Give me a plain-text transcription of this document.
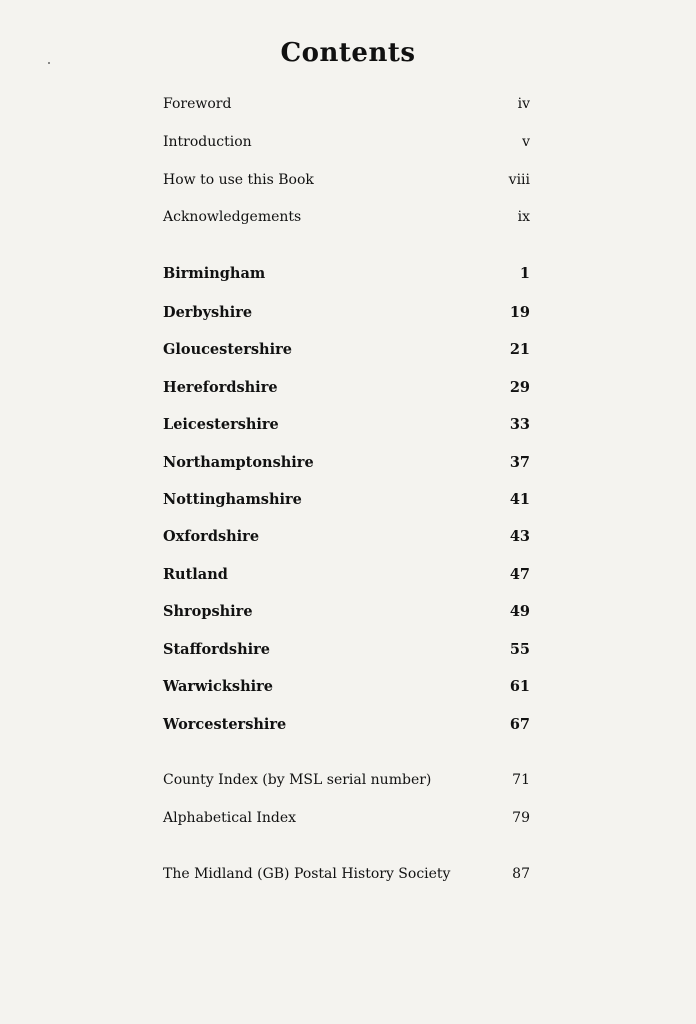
Contents
Foreword	iv
Introduction	v
How to use this Book	viii
Acknowledgements	ix
Birmingham	1
Derbyshire	19
Gloucestershire	21
Herefordshire	29
Leicestershire	33
Northamptonshire	37
Nottinghamshire	41
Oxfordshire	43
Rutland	47
Shropshire	49
Staffordshire	55
Warwickshire	61
Worcestershire	67
County Index (by MSL serial number)	71
Alphabetical Index	79
The Midland (GB) Postal History Society	87
